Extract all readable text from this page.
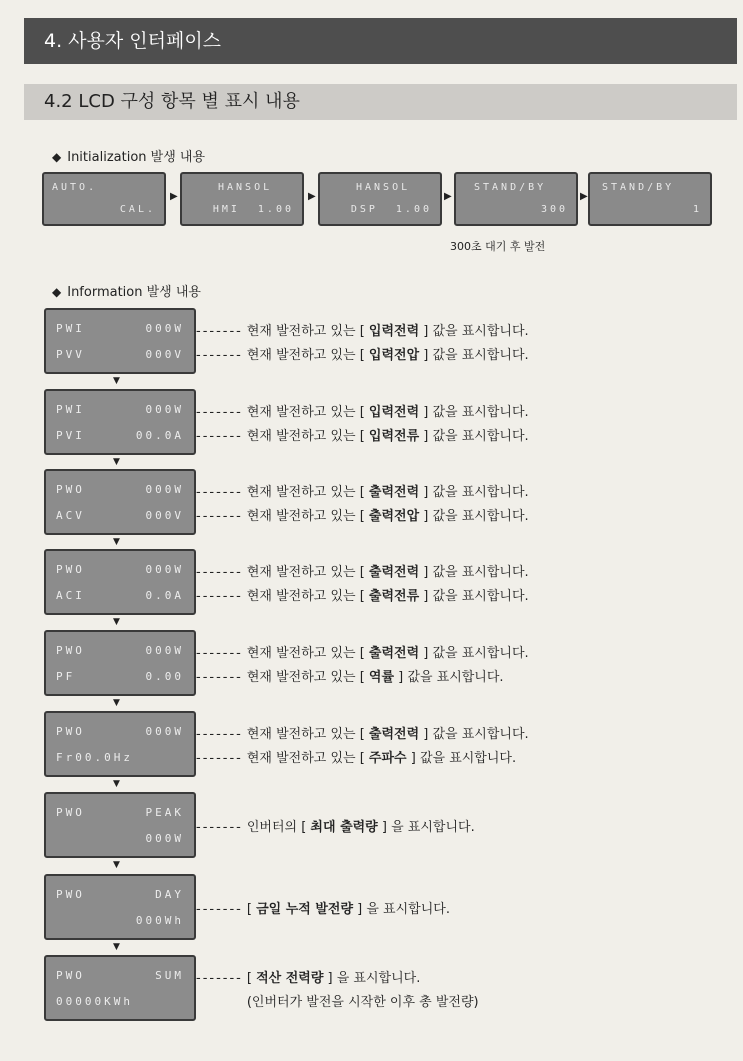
4. 사용자 인터페이스
4.2 LCD 구성 항목 별 표시 내용
◆ Initialization 발생 내용
AUTO.
CAL.
▶
HANSOL
HMI  1.00
▶
HANSOL
DSP  1.00
▶
STAND/BY
300
▶
STAND/BY
1
300초 대기 후 발전
◆ Information 발생 내용
PWI	000W
PVV	000V
------- 현재 발전하고 있는 [ 입력전력 ] 값을 표시합니다.
------- 현재 발전하고 있는 [ 입력전압 ] 값을 표시합니다.
▼
PWI	000W
PVI	00.0A
------- 현재 발전하고 있는 [ 입력전력 ] 값을 표시합니다.
------- 현재 발전하고 있는 [ 입력전류 ] 값을 표시합니다.
▼
PWO	000W
ACV	000V
------- 현재 발전하고 있는 [ 출력전력 ] 값을 표시합니다.
------- 현재 발전하고 있는 [ 출력전압 ] 값을 표시합니다.
▼
PWO	000W
ACI	0.0A
------- 현재 발전하고 있는 [ 출력전력 ] 값을 표시합니다.
------- 현재 발전하고 있는 [ 출력전류 ] 값을 표시합니다.
▼
PWO	000W
PF	0.00
------- 현재 발전하고 있는 [ 출력전력 ] 값을 표시합니다.
------- 현재 발전하고 있는 [ 역률 ] 값을 표시합니다.
▼
PWO	000W
Fr00.0Hz
------- 현재 발전하고 있는 [ 출력전력 ] 값을 표시합니다.
------- 현재 발전하고 있는 [ 주파수 ] 값을 표시합니다.
▼
PWO	PEAK
000W
------- 인버터의 [ 최대 출력량 ] 을 표시합니다.
▼
PWO	DAY
000Wh
------- [ 금일 누적 발전량 ] 을 표시합니다.
▼
PWO	SUM
00000KWh
------- [ 적산 전력량 ] 을 표시합니다.
(인버터가 발전을 시작한 이후 총 발전량)
